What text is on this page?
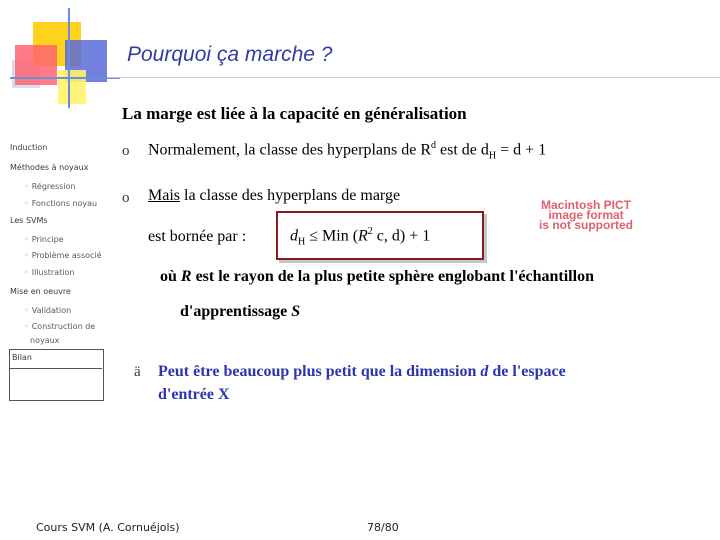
Pourquoi ça marche ?
La marge est liée à la capacité en généralisation
Induction
Méthodes à noyaux
◦ Régression
◦ Fonctions noyau
Les SVMs
◦ Principe
◦ Problème associé
◦ Illustration
Mise en oeuvre
◦ Validation
◦ Construction de
noyaux
Bilan
o Normalement, la classe des hyperplans de $R^d$ est de $d_H = d + 1$
o Mais la classe des hyperplans de marge
est bornée par :	$d_H$ ≤ Min ($R^2$ c, d) + 1
Macintosh PICT
image format
is not supported
où R est le rayon de la plus petite sphère englobant l'échantillon
d'apprentissage S
ä Peut être beaucoup plus petit que la dimension d de l'espace
d'entrée X
Cours SVM (A. Cornuéjols)	78/80
